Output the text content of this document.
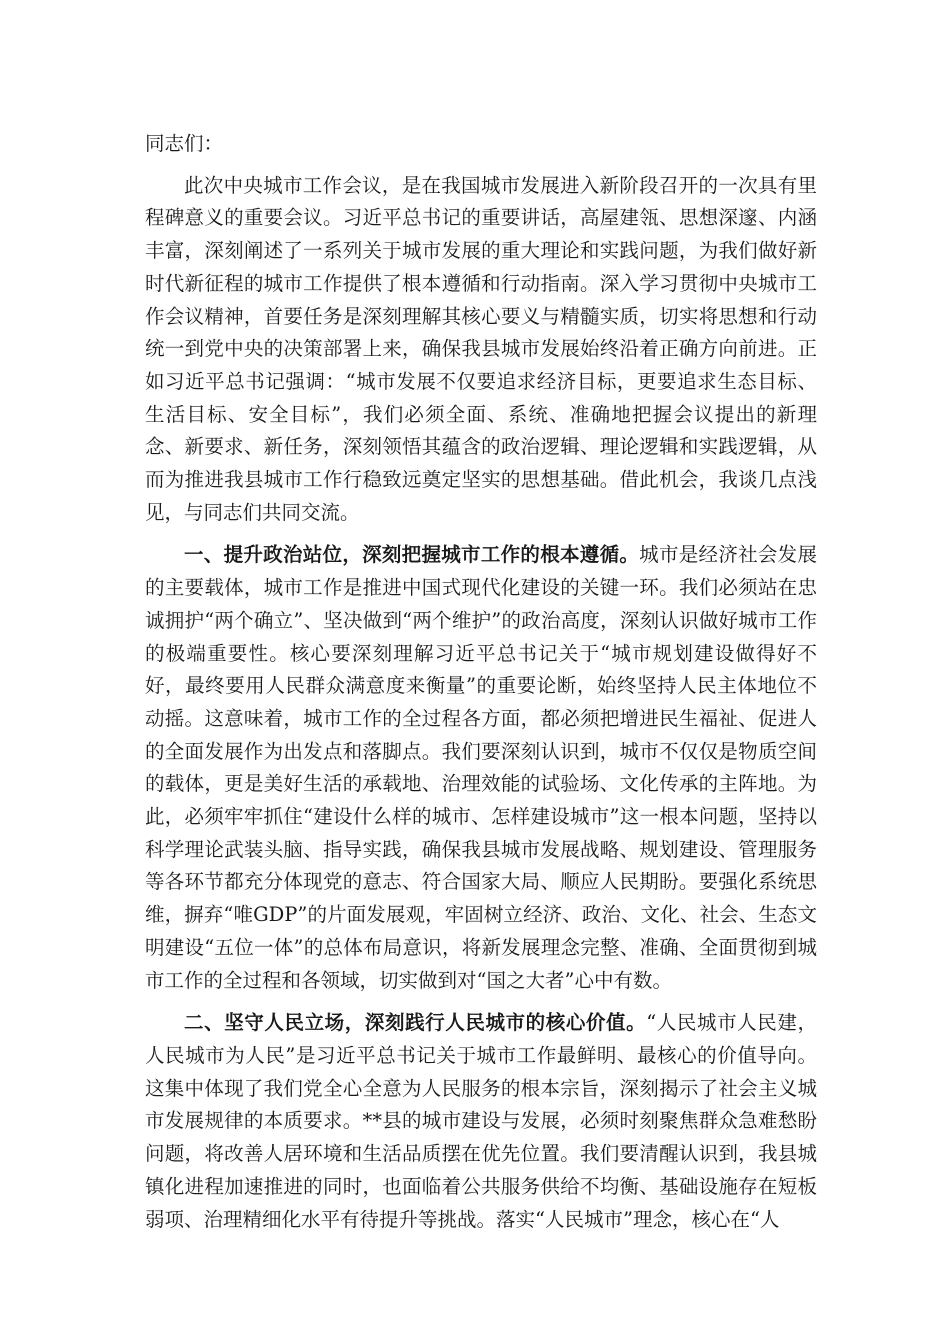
同志们：

此次中央城市工作会议，是在我国城市发展进入新阶段召开的一次具有里程碑意义的重要会议。习近平总书记的重要讲话，高屋建瓴、思想深邃、内涵丰富，深刻阐述了一系列关于城市发展的重大理论和实践问题，为我们做好新时代新征程的城市工作提供了根本遵循和行动指南。深入学习贯彻中央城市工作会议精神，首要任务是深刻理解其核心要义与精髓实质，切实将思想和行动统一到党中央的决策部署上来，确保我县城市发展始终沿着正确方向前进。正如习近平总书记强调：“城市发展不仅要追求经济目标，更要追求生态目标、生活目标、安全目标”，我们必须全面、系统、准确地把握会议提出的新理念、新要求、新任务，深刻领悟其蕴含的政治逻辑、理论逻辑和实践逻辑，从而为推进我县城市工作行稳致远奠定坚实的思想基础。借此机会，我谈几点浅见，与同志们共同交流。

一、提升政治站位，深刻把握城市工作的根本遵循。城市是经济社会发展的主要载体，城市工作是推进中国式现代化建设的关键一环。我们必须站在忠诚拥护“两个确立”、坚决做到“两个维护”的政治高度，深刻认识做好城市工作的极端重要性。核心要深刻理解习近平总书记关于“城市规划建设做得好不好，最终要用人民群众满意度来衡量”的重要论断，始终坚持人民主体地位不动摇。这意味着，城市工作的全过程各方面，都必须把增进民生福祉、促进人的全面发展作为出发点和落脚点。我们要深刻认识到，城市不仅仅是物质空间的载体，更是美好生活的承载地、治理效能的试验场、文化传承的主阵地。为此，必须牢牢抓住“建设什么样的城市、怎样建设城市”这一根本问题，坚持以科学理论武装头脑、指导实践，确保我县城市发展战略、规划建设、管理服务等各环节都充分体现党的意志、符合国家大局、顺应人民期盼。要强化系统思维，摒弃“唯GDP”的片面发展观，牢固树立经济、政治、文化、社会、生态文明建设“五位一体”的总体布局意识，将新发展理念完整、准确、全面贯彻到城市工作的全过程和各领域，切实做到对“国之大者”心中有数。

二、坚守人民立场，深刻践行人民城市的核心价值。“人民城市人民建，人民城市为人民”是习近平总书记关于城市工作最鲜明、最核心的价值导向。这集中体现了我们党全心全意为人民服务的根本宗旨，深刻揭示了社会主义城市发展规律的本质要求。**县的城市建设与发展，必须时刻聚焦群众急难愁盼问题，将改善人居环境和生活品质摆在优先位置。我们要清醒认识到，我县城镇化进程加速推进的同时，也面临着公共服务供给不均衡、基础设施存在短板弱项、治理精细化水平有待提升等挑战。落实“人民城市”理念，核心在“人
